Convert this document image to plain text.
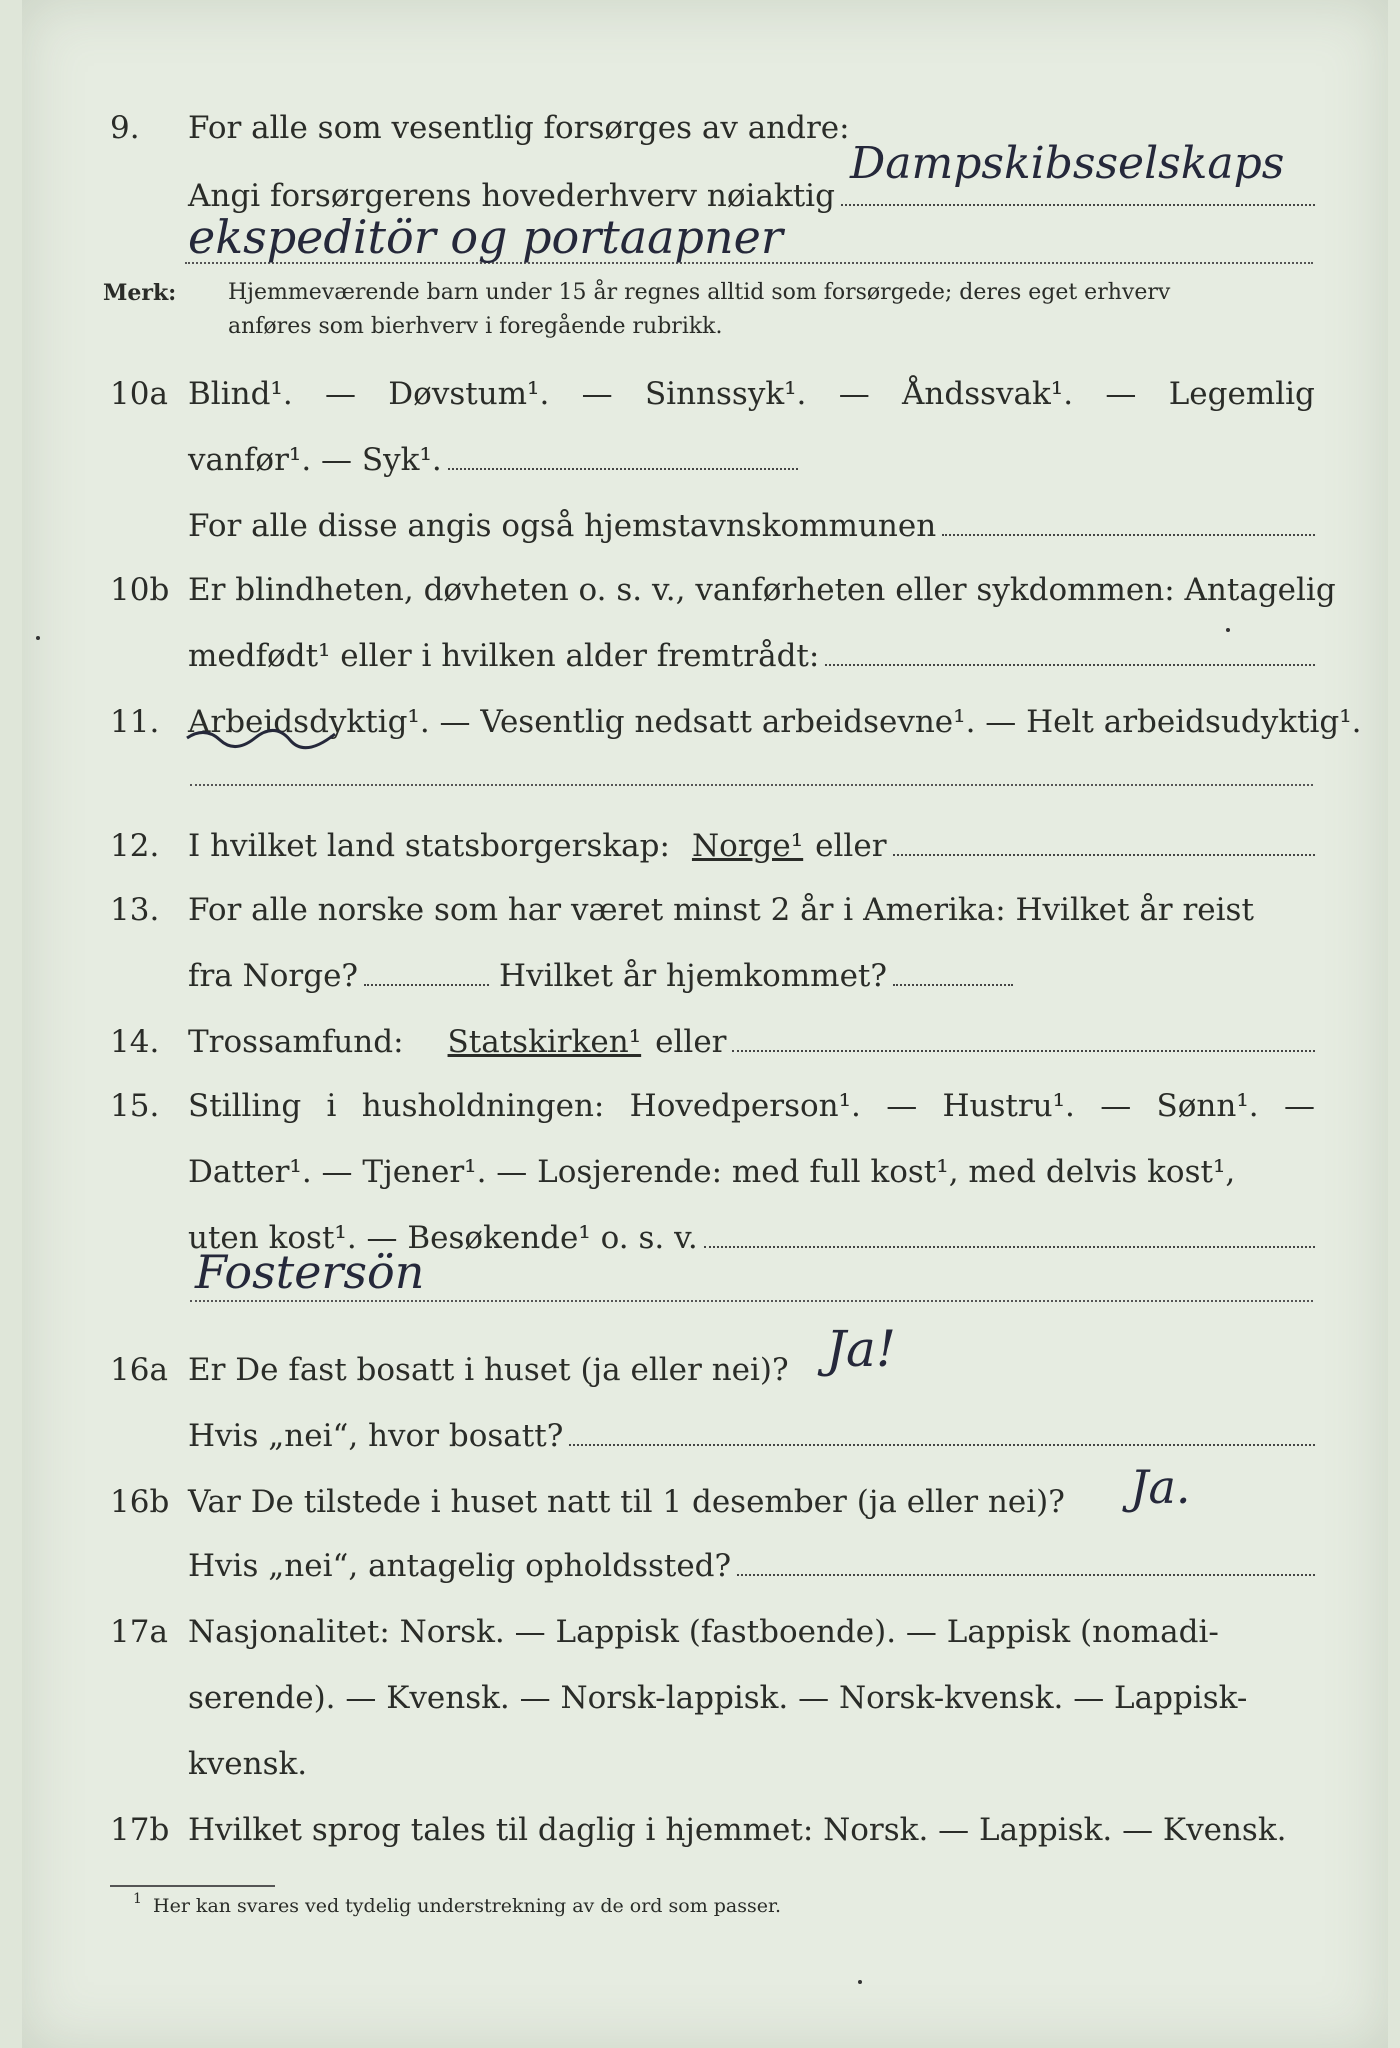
9. For alle som vesentlig forsørges av andre:
Angi forsørgerens hovederhverv nøiaktig
Dampskibsselskaps
ekspeditör og portaapner
Merk: Hjemmeværende barn under 15 år regnes alltid som forsørgede; deres eget erhverv
anføres som bierhverv i foregående rubrikk.
10a Blind¹. — Døvstum¹. — Sinnssyk¹. — Åndssvak¹. — Legemlig
vanfør¹. — Syk¹.
For alle disse angis også hjemstavnskommunen
10b Er blindheten, døvheten o. s. v., vanførheten eller sykdommen: Antagelig
medfødt¹ eller i hvilken alder fremtrådt:
11. Arbeidsdyktig¹. — Vesentlig nedsatt arbeidsevne¹. — Helt arbeidsudyktig¹.
12. I hvilket land statsborgerskap: Norge¹ eller
13. For alle norske som har været minst 2 år i Amerika: Hvilket år reist
fra Norge?	Hvilket år hjemkommet?
14. Trossamfund: Statskirken¹ eller
15. Stilling i husholdningen: Hovedperson¹. — Hustru¹. — Sønn¹. —
Datter¹. — Tjener¹. — Losjerende: med full kost¹, med delvis kost¹,
uten kost¹. — Besøkende¹ o. s. v.
Fostersön
16a Er De fast bosatt i huset (ja eller nei)? Ja!
Hvis „nei“, hvor bosatt?
16b Var De tilstede i huset natt til 1 desember (ja eller nei)? Ja.
Hvis „nei“, antagelig opholdssted?
17a Nasjonalitet: Norsk. — Lappisk (fastboende). — Lappisk (nomadi-
serende). — Kvensk. — Norsk-lappisk. — Norsk-kvensk. — Lappisk-
kvensk.
17b Hvilket sprog tales til daglig i hjemmet: Norsk. — Lappisk. — Kvensk.
1 Her kan svares ved tydelig understrekning av de ord som passer.
